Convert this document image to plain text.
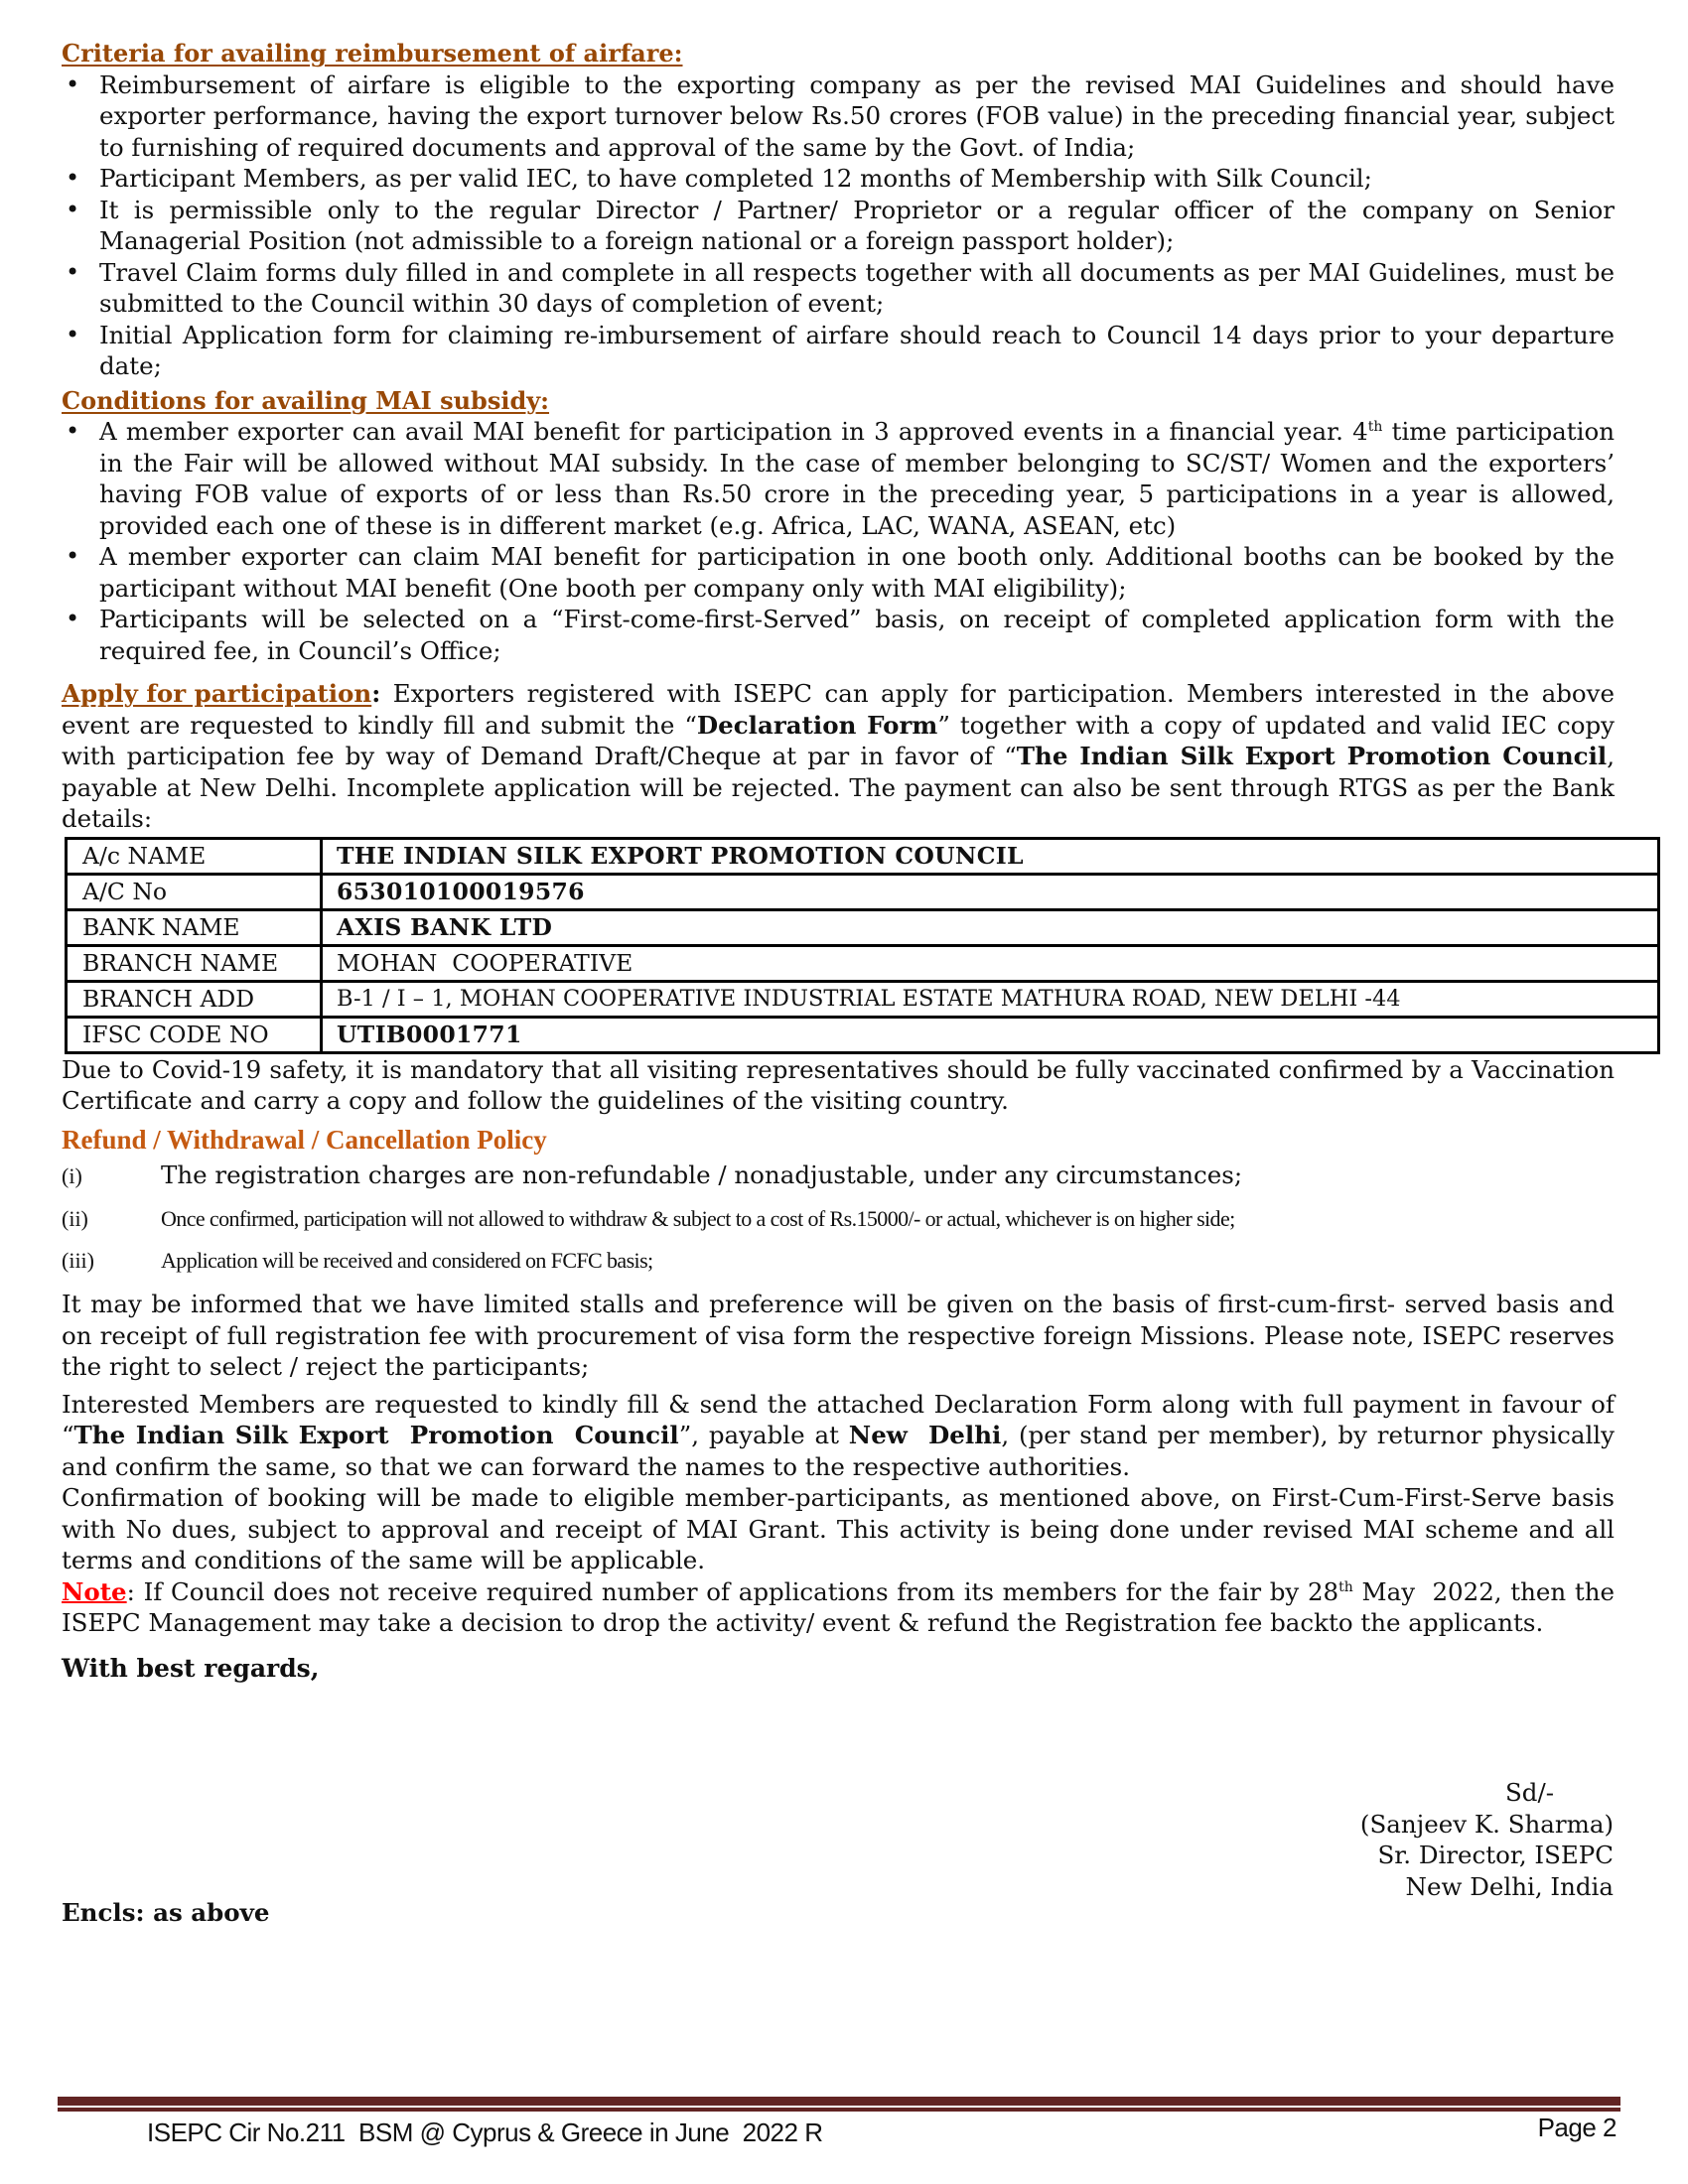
Criteria for availing reimbursement of airfare:
• Reimbursement of airfare is eligible to the exporting company as per the revised MAI Guidelines and should have exporter performance, having the export turnover below Rs.50 crores (FOB value) in the preceding financial year, subject to furnishing of required documents and approval of the same by the Govt. of India;
• Participant Members, as per valid IEC, to have completed 12 months of Membership with Silk Council;
• It is permissible only to the regular Director / Partner/ Proprietor or a regular officer of the company on Senior Managerial Position (not admissible to a foreign national or a foreign passport holder);
• Travel Claim forms duly filled in and complete in all respects together with all documents as per MAI Guidelines, must be submitted to the Council within 30 days of completion of event;
• Initial Application form for claiming re-imbursement of airfare should reach to Council 14 days prior to your departure date;
Conditions for availing MAI subsidy:
• A member exporter can avail MAI benefit for participation in 3 approved events in a financial year. 4th time participation in the Fair will be allowed without MAI subsidy. In the case of member belonging to SC/ST/ Women and the exporters’ having FOB value of exports of or less than Rs.50 crore in the preceding year, 5 participations in a year is allowed, provided each one of these is in different market (e.g. Africa, LAC, WANA, ASEAN, etc)
• A member exporter can claim MAI benefit for participation in one booth only. Additional booths can be booked by the participant without MAI benefit (One booth per company only with MAI eligibility);
• Participants will be selected on a “First-come-first-Served” basis, on receipt of completed application form with the required fee, in Council’s Office;

Apply for participation: Exporters registered with ISEPC can apply for participation. Members interested in the above event are requested to kindly fill and submit the “Declaration Form” together with a copy of updated and valid IEC copy with participation fee by way of Demand Draft/Cheque at par in favor of “The Indian Silk Export Promotion Council, payable at New Delhi. Incomplete application will be rejected. The payment can also be sent through RTGS as per the Bank details:

A/c NAME	THE INDIAN SILK EXPORT PROMOTION COUNCIL
A/C No	653010100019576
BANK NAME	AXIS BANK LTD
BRANCH NAME	MOHAN  COOPERATIVE
BRANCH ADD	B-1 / I – 1, MOHAN COOPERATIVE INDUSTRIAL ESTATE MATHURA ROAD, NEW DELHI -44
IFSC CODE NO	UTIB0001771

Due to Covid-19 safety, it is mandatory that all visiting representatives should be fully vaccinated confirmed by a Vaccination Certificate and carry a copy and follow the guidelines of the visiting country.

Refund / Withdrawal / Cancellation Policy
(i)	The registration charges are non-refundable / nonadjustable, under any circumstances;
(ii)	Once confirmed, participation will not allowed to withdraw & subject to a cost of Rs.15000/- or actual, whichever is on higher side;
(iii)	Application will be received and considered on FCFC basis;

It may be informed that we have limited stalls and preference will be given on the basis of first-cum-first- served basis and on receipt of full registration fee with procurement of visa form the respective foreign Missions. Please note, ISEPC reserves the right to select / reject the participants;

Interested Members are requested to kindly fill & send the attached Declaration Form along with full payment in favour of “The Indian Silk Export  Promotion  Council”, payable at New  Delhi, (per stand per member), by returnor physically and confirm the same, so that we can forward the names to the respective authorities.

Confirmation of booking will be made to eligible member-participants, as mentioned above, on First-Cum-First-Serve basis with No dues, subject to approval and receipt of MAI Grant. This activity is being done under revised MAI scheme and all terms and conditions of the same will be applicable.

Note: If Council does not receive required number of applications from its members for the fair by 28th May  2022, then the ISEPC Management may take a decision to drop the activity/ event & refund the Registration fee backto the applicants.

With best regards,
Sd/-
(Sanjeev K. Sharma)
Sr. Director, ISEPC
New Delhi, India
Encls: as above
ISEPC Cir No.211  BSM @ Cyprus & Greece in June  2022 R	Page 2
